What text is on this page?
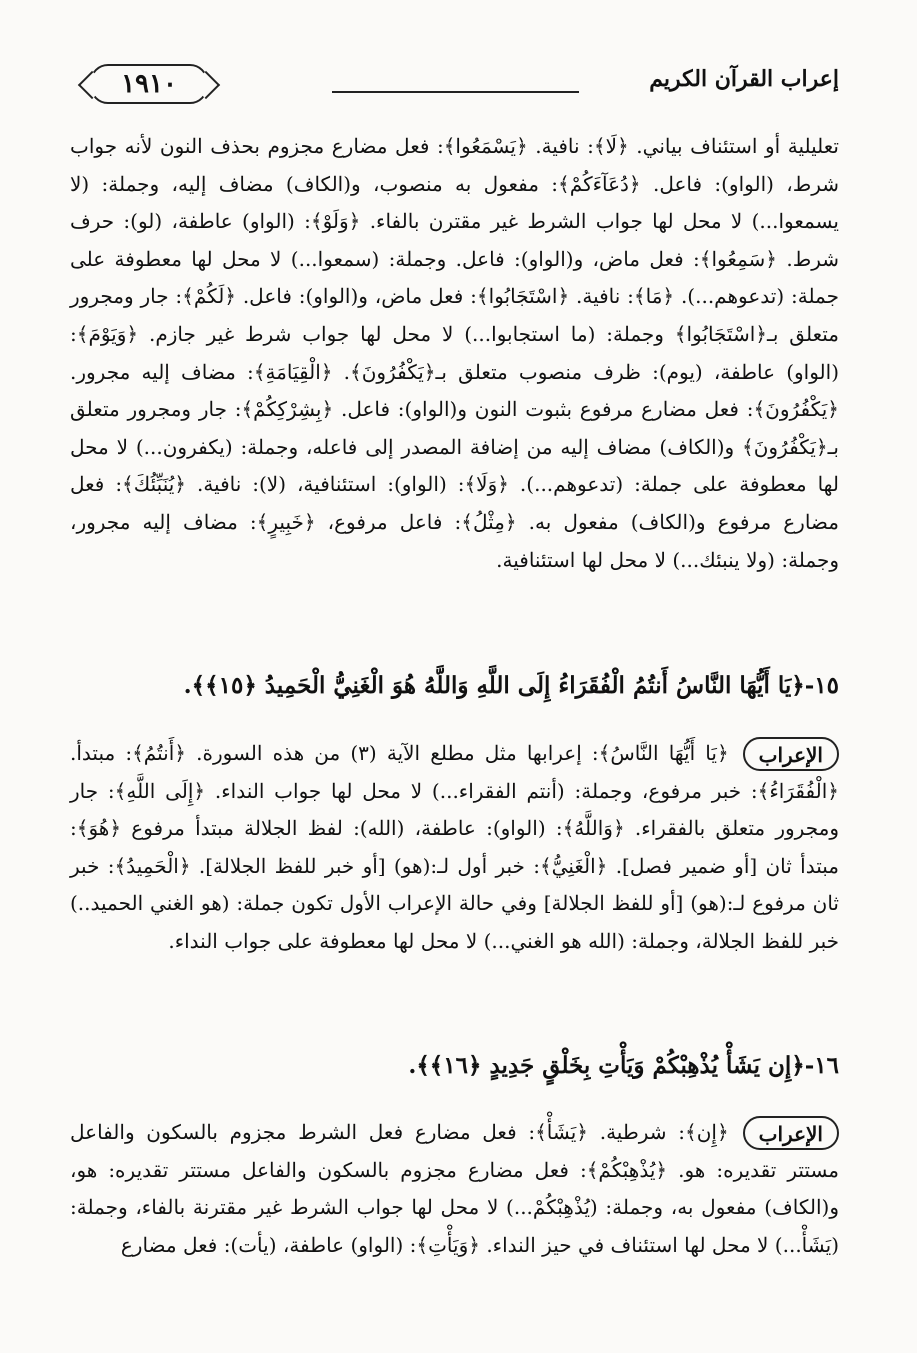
١٩١٠	إعراب القرآن الكريم

تعليلية أو استئناف بياني. ﴿لَا﴾: نافية. ﴿يَسْمَعُوا﴾: فعل مضارع مجزوم بحذف النون لأنه جواب شرط، (الواو): فاعل. ﴿دُعَآءَكُمْ﴾: مفعول به منصوب، و(الكاف) مضاف إليه، وجملة: (لا يسمعوا...) لا محل لها جواب الشرط غير مقترن بالفاء. ﴿وَلَوْ﴾: (الواو) عاطفة، (لو): حرف شرط. ﴿سَمِعُوا﴾: فعل ماض، و(الواو): فاعل. وجملة: (سمعوا...) لا محل لها معطوفة على جملة: (تدعوهم...). ﴿مَا﴾: نافية. ﴿اسْتَجَابُوا﴾: فعل ماض، و(الواو): فاعل. ﴿لَكُمْ﴾: جار ومجرور متعلق بـ﴿اسْتَجَابُوا﴾ وجملة: (ما استجابوا...) لا محل لها جواب شرط غير جازم. ﴿وَيَوْمَ﴾: (الواو) عاطفة، (يوم): ظرف منصوب متعلق بـ﴿يَكْفُرُونَ﴾. ﴿الْقِيَامَةِ﴾: مضاف إليه مجرور. ﴿يَكْفُرُونَ﴾: فعل مضارع مرفوع بثبوت النون و(الواو): فاعل. ﴿بِشِرْكِكُمْ﴾: جار ومجرور متعلق بـ﴿يَكْفُرُونَ﴾ و(الكاف) مضاف إليه من إضافة المصدر إلى فاعله، وجملة: (يكفرون...) لا محل لها معطوفة على جملة: (تدعوهم...). ﴿وَلَا﴾: (الواو): استئنافية، (لا): نافية. ﴿يُنَبِّئُكَ﴾: فعل مضارع مرفوع و(الكاف) مفعول به. ﴿مِثْلُ﴾: فاعل مرفوع، ﴿خَبِيرٍ﴾: مضاف إليه مجرور، وجملة: (ولا ينبئك...) لا محل لها استئنافية.

١٥-﴿يَا أَيُّهَا النَّاسُ أَنتُمُ الْفُقَرَاءُ إِلَى اللَّهِ وَاللَّهُ هُوَ الْغَنِيُّ الْحَمِيدُ ﴿١٥﴾﴾.
الإعراب

﴿يَا أَيُّهَا النَّاسُ﴾: إعرابها مثل مطلع الآية (٣) من هذه السورة. ﴿أَنتُمُ﴾: مبتدأ. ﴿الْفُقَرَاءُ﴾: خبر مرفوع، وجملة: (أنتم الفقراء...) لا محل لها جواب النداء. ﴿إِلَى اللَّهِ﴾: جار ومجرور متعلق بالفقراء. ﴿وَاللَّهُ﴾: (الواو): عاطفة، (الله): لفظ الجلالة مبتدأ مرفوع ﴿هُوَ﴾: مبتدأ ثان [أو ضمير فصل]. ﴿الْغَنِيُّ﴾: خبر أول لـ:(هو) [أو خبر للفظ الجلالة]. ﴿الْحَمِيدُ﴾: خبر ثان مرفوع لـ:(هو) [أو للفظ الجلالة] وفي حالة الإعراب الأول تكون جملة: (هو الغني الحميد..) خبر للفظ الجلالة، وجملة: (الله هو الغني...) لا محل لها معطوفة على جواب النداء.

١٦-﴿إِن يَشَأْ يُذْهِبْكُمْ وَيَأْتِ بِخَلْقٍ جَدِيدٍ ﴿١٦﴾﴾.
الإعراب

﴿إِن﴾: شرطية. ﴿يَشَأْ﴾: فعل مضارع فعل الشرط مجزوم بالسكون والفاعل مستتر تقديره: هو. ﴿يُذْهِبْكُمْ﴾: فعل مضارع مجزوم بالسكون والفاعل مستتر تقديره: هو، و(الكاف) مفعول به، وجملة: (يُذْهِبْكُمْ...) لا محل لها جواب الشرط غير مقترنة بالفاء، وجملة: (يَشَأْ...) لا محل لها استئناف في حيز النداء. ﴿وَيَأْتِ﴾: (الواو) عاطفة، (يأت): فعل مضارع
